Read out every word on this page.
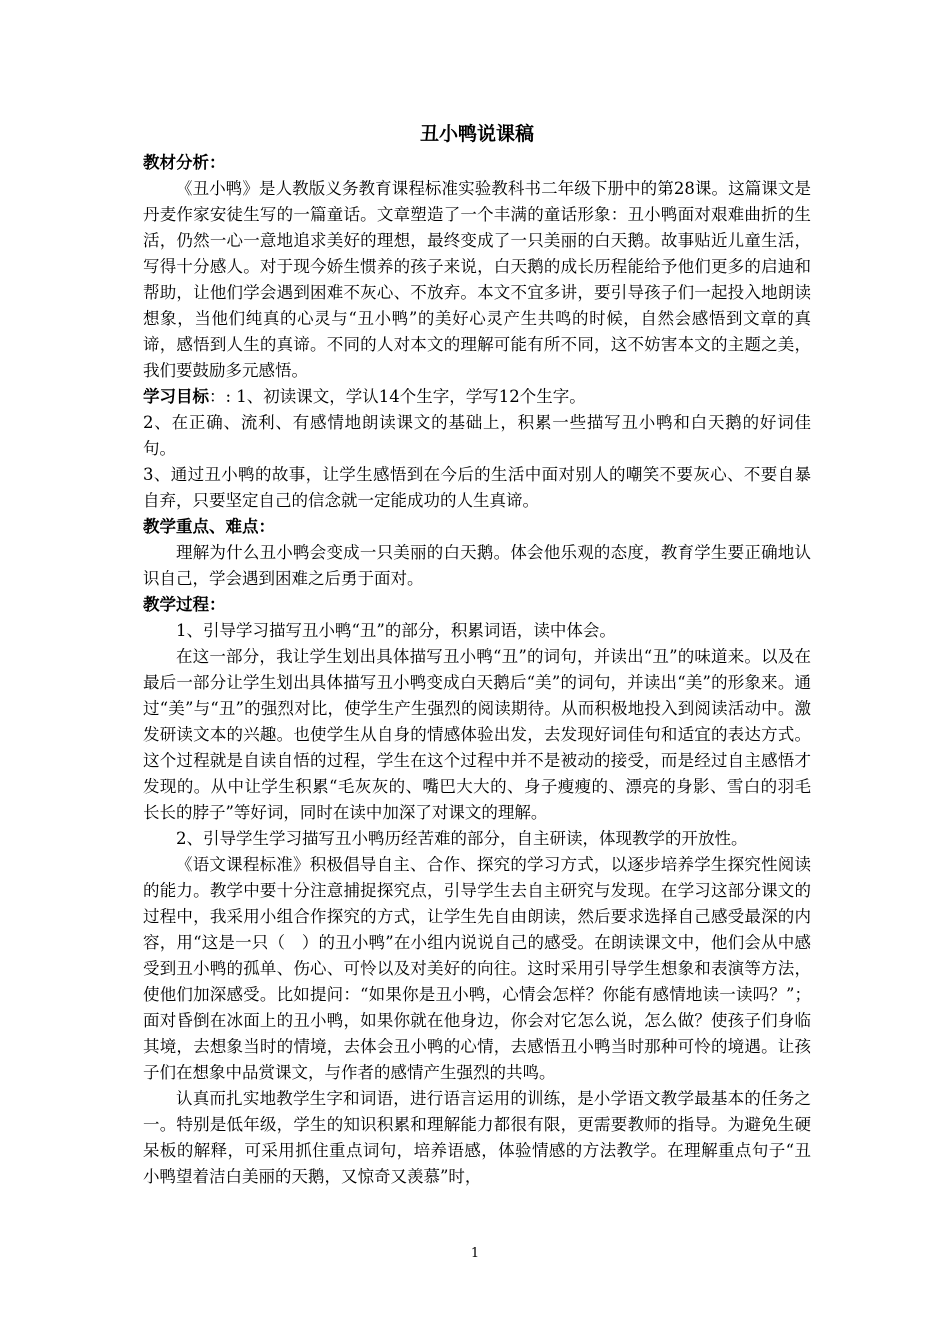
丑小鸭说课稿
教材分析：

《丑小鸭》是人教版义务教育课程标准实验教科书二年级下册中的第28课。这篇课文是丹麦作家安徒生写的一篇童话。文章塑造了一个丰满的童话形象：丑小鸭面对艰难曲折的生活，仍然一心一意地追求美好的理想，最终变成了一只美丽的白天鹅。故事贴近儿童生活，写得十分感人。对于现今娇生惯养的孩子来说，白天鹅的成长历程能给予他们更多的启迪和帮助，让他们学会遇到困难不灰心、不放弃。本文不宜多讲，要引导孩子们一起投入地朗读想象，当他们纯真的心灵与“丑小鸭”的美好心灵产生共鸣的时候，自然会感悟到文章的真谛，感悟到人生的真谛。不同的人对本文的理解可能有所不同，这不妨害本文的主题之美，我们要鼓励多元感悟。

学习目标：: 1、初读课文，学认14个生字，学写12个生字。

2、在正确、流利、有感情地朗读课文的基础上，积累一些描写丑小鸭和白天鹅的好词佳句。

3、通过丑小鸭的故事，让学生感悟到在今后的生活中面对别人的嘲笑不要灰心、不要自暴自弃，只要坚定自己的信念就一定能成功的人生真谛。

教学重点、难点：

理解为什么丑小鸭会变成一只美丽的白天鹅。体会他乐观的态度，教育学生要正确地认识自己，学会遇到困难之后勇于面对。

教学过程：

1、引导学习描写丑小鸭“丑”的部分，积累词语，读中体会。

在这一部分，我让学生划出具体描写丑小鸭“丑”的词句，并读出“丑”的味道来。以及在最后一部分让学生划出具体描写丑小鸭变成白天鹅后“美”的词句，并读出“美”的形象来。通过“美”与“丑”的强烈对比，使学生产生强烈的阅读期待。从而积极地投入到阅读活动中。激发研读文本的兴趣。也使学生从自身的情感体验出发，去发现好词佳句和适宜的表达方式。这个过程就是自读自悟的过程，学生在这个过程中并不是被动的接受，而是经过自主感悟才发现的。从中让学生积累“毛灰灰的、嘴巴大大的、身子瘦瘦的、漂亮的身影、雪白的羽毛长长的脖子”等好词，同时在读中加深了对课文的理解。

2、引导学生学习描写丑小鸭历经苦难的部分，自主研读，体现教学的开放性。

《语文课程标准》积极倡导自主、合作、探究的学习方式，以逐步培养学生探究性阅读的能力。教学中要十分注意捕捉探究点，引导学生去自主研究与发现。在学习这部分课文的过程中，我采用小组合作探究的方式，让学生先自由朗读，然后要求选择自己感受最深的内容，用“这是一只（　）的丑小鸭”在小组内说说自己的感受。在朗读课文中，他们会从中感受到丑小鸭的孤单、伤心、可怜以及对美好的向往。这时采用引导学生想象和表演等方法，使他们加深感受。比如提问：“如果你是丑小鸭，心情会怎样？你能有感情地读一读吗？”；面对昏倒在冰面上的丑小鸭，如果你就在他身边，你会对它怎么说，怎么做？使孩子们身临其境，去想象当时的情境，去体会丑小鸭的心情，去感悟丑小鸭当时那种可怜的境遇。让孩子们在想象中品赏课文，与作者的感情产生强烈的共鸣。

认真而扎实地教学生字和词语，进行语言运用的训练，是小学语文教学最基本的任务之一。特别是低年级，学生的知识积累和理解能力都很有限，更需要教师的指导。为避免生硬呆板的解释，可采用抓住重点词句，培养语感，体验情感的方法教学。在理解重点句子“丑小鸭望着洁白美丽的天鹅，又惊奇又羡慕”时，

1
